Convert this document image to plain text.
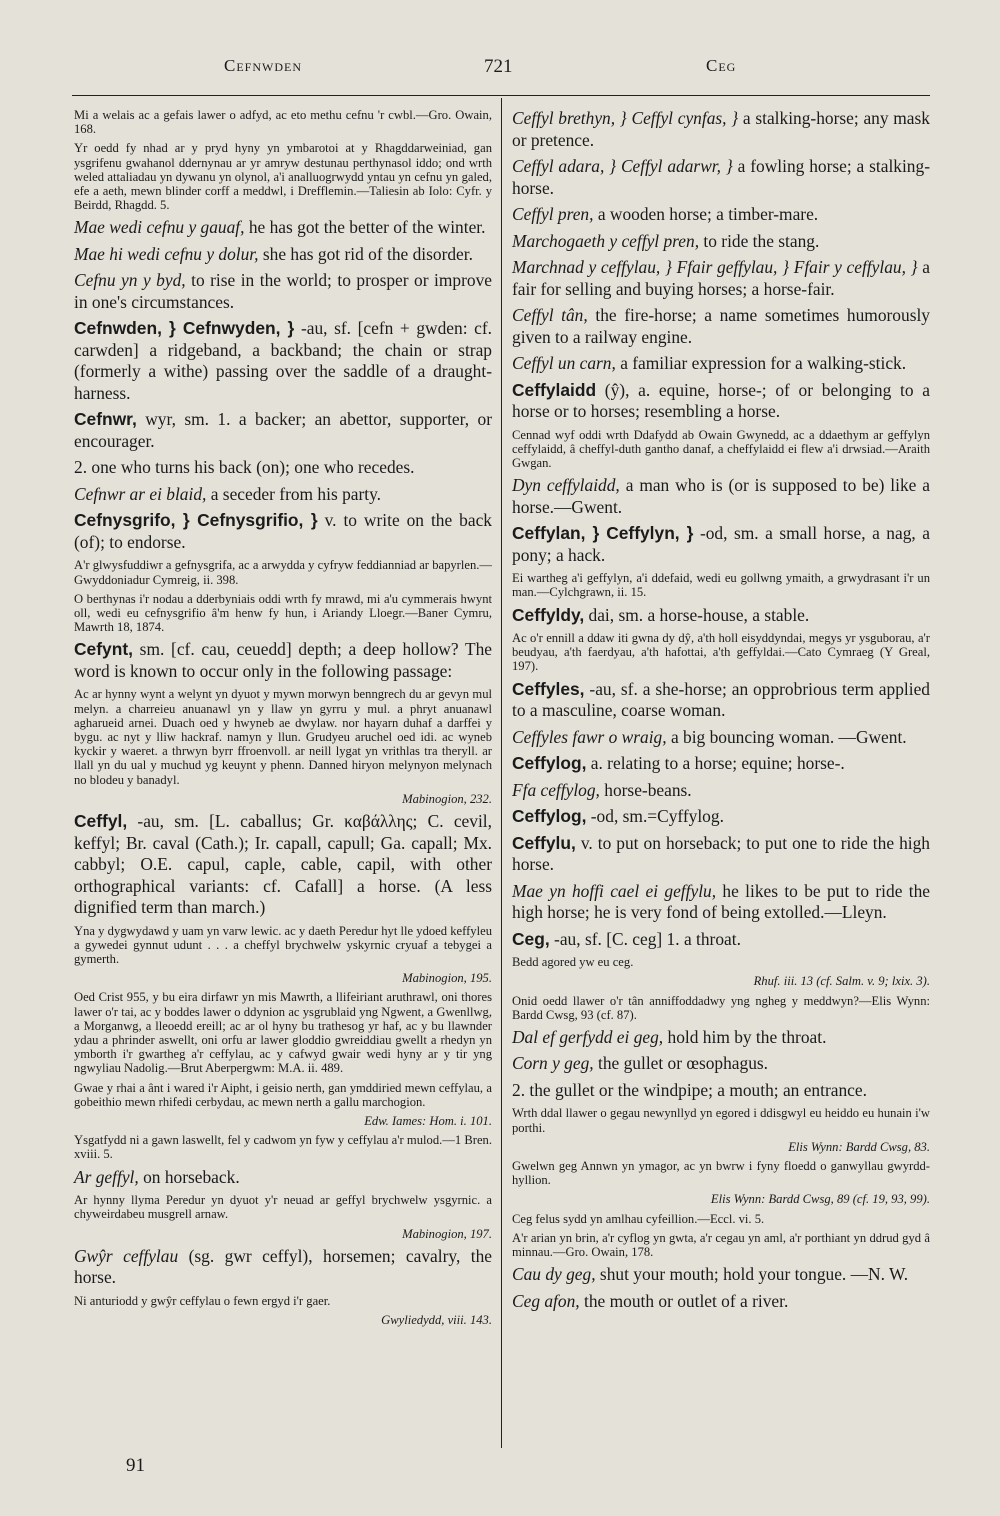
Cefnwden	721	Ceg

Mi a welais ac a gefais lawer o adfyd, ac eto methu cefnu 'r cwbl.—Gro. Owain, 168.

Yr oedd fy nhad ar y pryd hyny yn ymbarotoi at y Rhagddarweiniad, gan ysgrifenu gwahanol ddernynau ar yr amryw destunau perthynasol iddo; ond wrth weled attaliadau yn dywanu yn olynol, a'i analluogrwydd yntau yn cefnu yn galed, efe a aeth, mewn blinder corff a meddwl, i Drefflemin.—Taliesin ab Iolo: Cyfr. y Beirdd, Rhagdd. 5.

Mae wedi cefnu y gauaf, he has got the better of the winter.

Mae hi wedi cefnu y dolur, she has got rid of the disorder.

Cefnu yn y byd, to rise in the world; to prosper or improve in one's circumstances.

Cefnwden, } Cefnwyden, } -au, sf. [cefn + gwden: cf. carwden] a ridgeband, a backband; the chain or strap (formerly a withe) passing over the saddle of a draught-harness.

Cefnwr, wyr, sm. 1. a backer; an abettor, supporter, or encourager.

2. one who turns his back (on); one who recedes.

Cefnwr ar ei blaid, a seceder from his party.

Cefnysgrifo, } Cefnysgrifio, } v. to write on the back (of); to endorse.

A'r glwysfuddiwr a gefnysgrifa, ac a arwydda y cyfryw feddianniad ar bapyrlen.—Gwyddoniadur Cymreig, ii. 398.

O berthynas i'r nodau a dderbyniais oddi wrth fy mrawd, mi a'u cymmerais hwynt oll, wedi eu cefnysgrifio â'm henw fy hun, i Ariandy Lloegr.—Baner Cymru, Mawrth 18, 1874.

Cefynt, sm. [cf. cau, ceuedd] depth; a deep hollow? The word is known to occur only in the following passage:

Ac ar hynny wynt a welynt yn dyuot y mywn morwyn benngrech du ar gevyn mul melyn. a charreieu anuanawl yn y llaw yn gyrru y mul. a phryt anuanawl agharueid arnei. Duach oed y hwyneb ae dwylaw. nor hayarn duhaf a darffei y bygu. ac nyt y lliw hackraf. namyn y llun. Grudyeu aruchel oed idi. ac wyneb kyckir y waeret. a thrwyn byrr ffroenvoll. ar neill lygat yn vrithlas tra theryll. ar llall yn du ual y muchud yg keuynt y phenn. Danned hiryon melynyon melynach no blodeu y banadyl.

Mabinogion, 232.

Ceffyl, -au, sm. [L. caballus; Gr. καβάλλης; C. cevil, keffyl; Br. caval (Cath.); Ir. capall, capull; Ga. capall; Mx. cabbyl; O.E. capul, caple, cable, capil, with other orthographical variants: cf. Cafall] a horse. (A less dignified term than march.)

Yna y dygwydawd y uam yn varw lewic. ac y daeth Peredur hyt lle ydoed keffyleu a gywedei gynnut udunt . . . a cheffyl brychwelw yskyrnic cryuaf a tebygei a gymerth.

Mabinogion, 195.

Oed Crist 955, y bu eira dirfawr yn mis Mawrth, a llifeiriant aruthrawl, oni thores lawer o'r tai, ac y boddes lawer o ddynion ac ysgrublaid yng Ngwent, a Gwenllwg, a Morganwg, a lleoedd ereill; ac ar ol hyny bu trathesog yr haf, ac y bu llawnder ydau a phrinder aswellt, oni orfu ar lawer gloddio gwreiddiau gwellt a rhedyn yn ymborth i'r gwartheg a'r ceffylau, ac y cafwyd gwair wedi hyny ar y tir yng ngwyliau Nadolig.—Brut Aberpergwm: M.A. ii. 489.

Gwae y rhai a ânt i wared i'r Aipht, i geisio nerth, gan ymddiried mewn ceffylau, a gobeithio mewn rhifedi cerbydau, ac mewn nerth a gallu marchogion.

Edw. Iames: Hom. i. 101.

Ysgatfydd ni a gawn laswellt, fel y cadwom yn fyw y ceffylau a'r mulod.—1 Bren. xviii. 5.

Ar geffyl, on horseback.

Ar hynny llyma Peredur yn dyuot y'r neuad ar geffyl brychwelw ysgyrnic. a chyweirdabeu musgrell arnaw.

Mabinogion, 197.

Gwŷr ceffylau (sg. gwr ceffyl), horsemen; cavalry, the horse.

Ni anturiodd y gwŷr ceffylau o fewn ergyd i'r gaer.

Gwyliedydd, viii. 143.

Ceffyl brethyn, } Ceffyl cynfas, } a stalking-horse; any mask or pretence.

Ceffyl adara, } Ceffyl adarwr, } a fowling horse; a stalking-horse.

Ceffyl pren, a wooden horse; a timber-mare.

Marchogaeth y ceffyl pren, to ride the stang.

Marchnad y ceffylau, } Ffair geffylau, } Ffair y ceffylau, } a fair for selling and buying horses; a horse-fair.

Ceffyl tân, the fire-horse; a name sometimes humorously given to a railway engine.

Ceffyl un carn, a familiar expression for a walking-stick.

Ceffylaidd (ŷ), a. equine, horse-; of or belonging to a horse or to horses; resembling a horse.

Cennad wyf oddi wrth Ddafydd ab Owain Gwynedd, ac a ddaethym ar geffylyn ceffylaidd, â cheffyl-duth gantho danaf, a cheffylaidd ei flew a'i drwsiad.—Araith Gwgan.

Dyn ceffylaidd, a man who is (or is supposed to be) like a horse.—Gwent.

Ceffylan, } Ceffylyn, } -od, sm. a small horse, a nag, a pony; a hack.

Ei wartheg a'i geffylyn, a'i ddefaid, wedi eu gollwng ymaith, a grwydrasant i'r un man.—Cylchgrawn, ii. 15.

Ceffyldy, dai, sm. a horse-house, a stable.

Ac o'r ennill a ddaw iti gwna dy dŷ, a'th holl eisyddyndai, megys yr ysguborau, a'r beudyau, a'th faerdyau, a'th hafottai, a'th geffyldai.—Cato Cymraeg (Y Greal, 197).

Ceffyles, -au, sf. a she-horse; an opprobrious term applied to a masculine, coarse woman.

Ceffyles fawr o wraig, a big bouncing woman. —Gwent.

Ceffylog, a. relating to a horse; equine; horse-.

Ffa ceffylog, horse-beans.

Ceffylog, -od, sm.=Cyffylog.

Ceffylu, v. to put on horseback; to put one to ride the high horse.

Mae yn hoffi cael ei geffylu, he likes to be put to ride the high horse; he is very fond of being extolled.—Lleyn.

Ceg, -au, sf. [C. ceg] 1. a throat.

Bedd agored yw eu ceg.

Rhuf. iii. 13 (cf. Salm. v. 9; lxix. 3).

Onid oedd llawer o'r tân anniffoddadwy yng ngheg y meddwyn?—Elis Wynn: Bardd Cwsg, 93 (cf. 87).

Dal ef gerfydd ei geg, hold him by the throat.

Corn y geg, the gullet or œsophagus.

2. the gullet or the windpipe; a mouth; an entrance.

Wrth ddal llawer o gegau newynllyd yn egored i ddisgwyl eu heiddo eu hunain i'w porthi.

Elis Wynn: Bardd Cwsg, 83.

Gwelwn geg Annwn yn ymagor, ac yn bwrw i fyny floedd o ganwyllau gwyrdd-hyllion.

Elis Wynn: Bardd Cwsg, 89 (cf. 19, 93, 99).

Ceg felus sydd yn amlhau cyfeillion.—Eccl. vi. 5.

A'r arian yn brin, a'r cyflog yn gwta, a'r cegau yn aml, a'r porthiant yn ddrud gyd â minnau.—Gro. Owain, 178.

Cau dy geg, shut your mouth; hold your tongue. —N. W.

Ceg afon, the mouth or outlet of a river.

91
